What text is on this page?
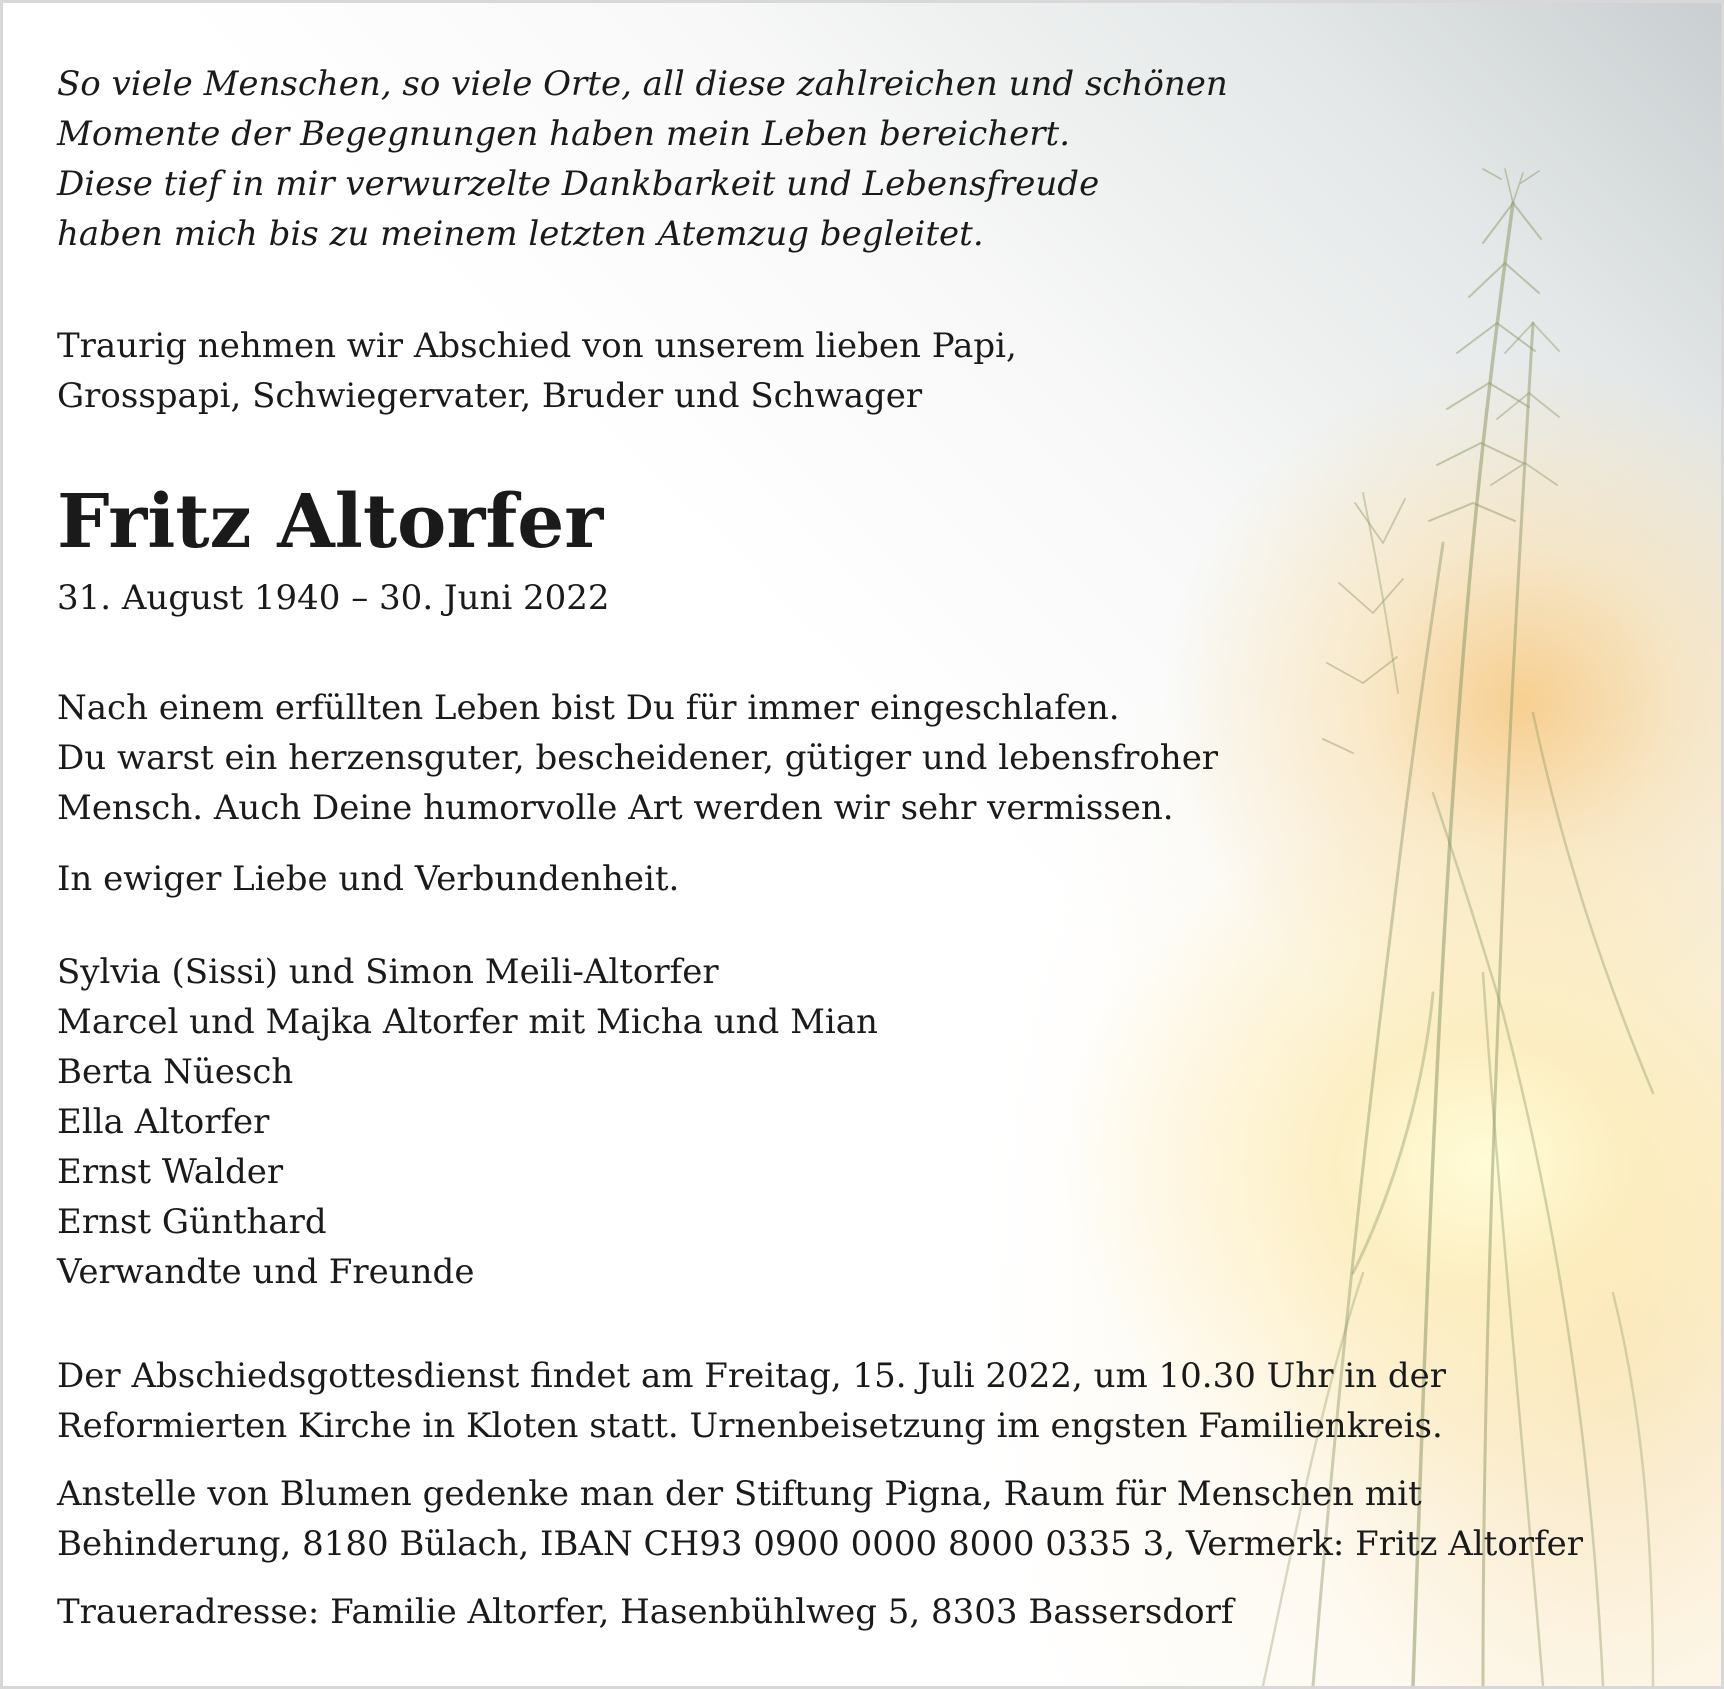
So viele Menschen, so viele Orte, all diese zahlreichen und schönen
Momente der Begegnungen haben mein Leben bereichert.
Diese tief in mir verwurzelte Dankbarkeit und Lebensfreude
haben mich bis zu meinem letzten Atemzug begleitet.
Traurig nehmen wir Abschied von unserem lieben Papi,
Grosspapi, Schwiegervater, Bruder und Schwager
Fritz Altorfer
31. August 1940 – 30. Juni 2022
Nach einem erfüllten Leben bist Du für immer eingeschlafen.
Du warst ein herzensguter, bescheidener, gütiger und lebensfroher
Mensch. Auch Deine humorvolle Art werden wir sehr vermissen.
In ewiger Liebe und Verbundenheit.
Sylvia (Sissi) und Simon Meili-Altorfer
Marcel und Majka Altorfer mit Micha und Mian
Berta Nüesch
Ella Altorfer
Ernst Walder
Ernst Günthard
Verwandte und Freunde
Der Abschiedsgottesdienst findet am Freitag, 15. Juli 2022, um 10.30 Uhr in der
Reformierten Kirche in Kloten statt. Urnenbeisetzung im engsten Familienkreis.
Anstelle von Blumen gedenke man der Stiftung Pigna, Raum für Menschen mit
Behinderung, 8180 Bülach, IBAN CH93 0900 0000 8000 0335 3, Vermerk: Fritz Altorfer
Traueradresse: Familie Altorfer, Hasenbühlweg 5, 8303 Bassersdorf
